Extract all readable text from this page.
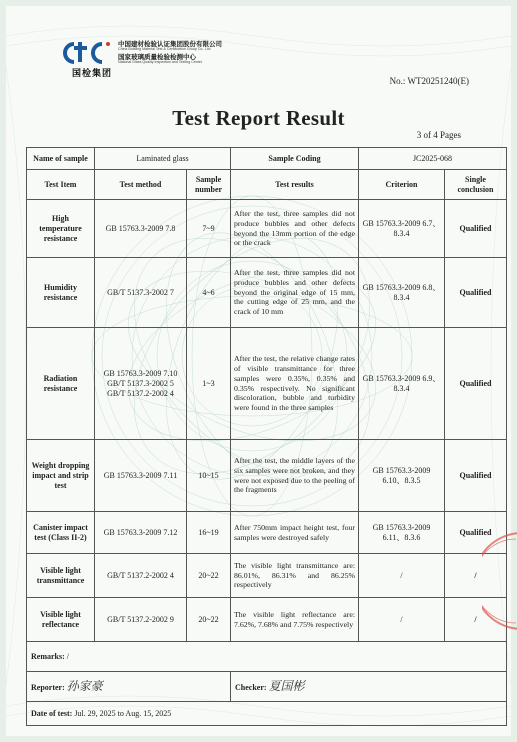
中国建材检验认证集团股份有限公司
China Building Material Test & Certification Group Co., Ltd.
国家玻璃质量检验检测中心
National Glass Quality Inspection and Testing Center
国检集团
No.: WT20251240(E)
Test Report Result
3 of 4 Pages
Name of sample	Laminated glass		Sample Coding	JC2025-068	
Test Item	Test method	Sample number	Test results	Criterion	Single conclusion
High temperature resistance	GB 15763.3-2009 7.8	7~9	After the test, three samples did not produce bubbles and other defects beyond the 13mm portion of the edge or the crack	GB 15763.3-2009 6.7、8.3.4	Qualified
Humidity resistance	GB/T 5137.3-2002 7	4~6	After the test, three samples did not produce bubbles and other defects beyond the original edge of 15 mm, the cutting edge of 25 mm, and the crack of 10 mm	GB 15763.3-2009 6.8、8.3.4	Qualified
Radiation resistance	GB 15763.3-2009 7.10 GB/T 5137.3-2002 5 GB/T 5137.2-2002 4	1~3	After the test, the relative change rates of visible transmittance for three samples were 0.35%, 0.35% and 0.35% respectively. No significant discoloration, bubble and turbidity were found in the three samples	GB 15763.3-2009 6.9、8.3.4	Qualified
Weight dropping impact and strip test	GB 15763.3-2009 7.11	10~15	After the test, the middle layers of the six samples were not broken, and they were not exposed due to the peeling of the fragments	GB 15763.3-2009 6.10、8.3.5	Qualified
Canister impact test (Class II-2)	GB 15763.3-2009 7.12	16~19	After 750mm impact height test, four samples were destroyed safely	GB 15763.3-2009 6.11、8.3.6	Qualified
Visible light transmittance	GB/T 5137.2-2002 4	20~22	The visible light transmittance are: 86.01%, 86.31% and 86.25% respectively	/	/
Visible light reflectance	GB/T 5137.2-2002 9	20~22	The visible light reflectance are: 7.62%, 7.68% and 7.75% respectively	/	/
Remarks: /					
Reporter: 孙家豪			Checker: 夏国彬		
Date of test: Jul. 29, 2025 to Aug. 15, 2025					
